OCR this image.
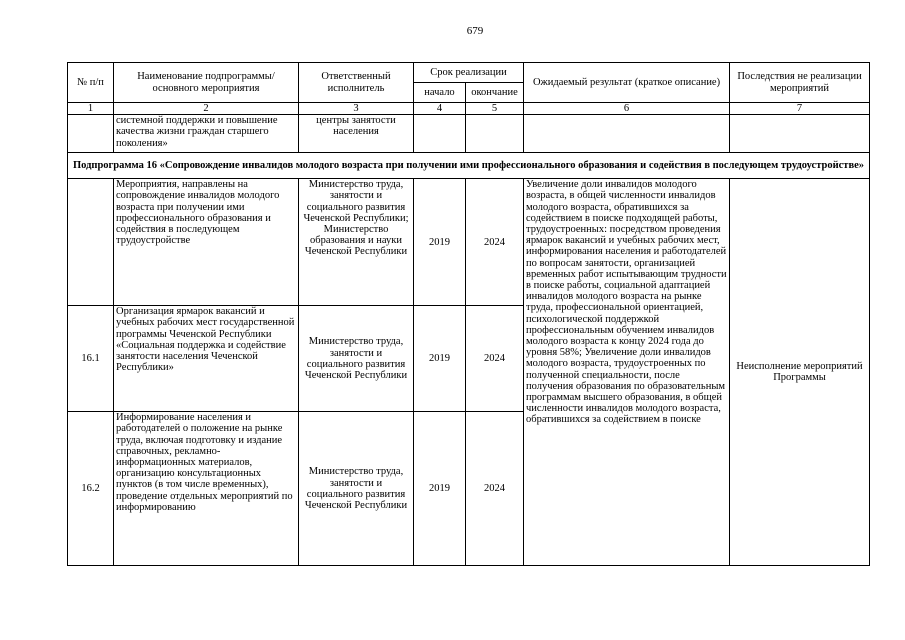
679
№ п/п	Наименование подпрограммы/ основного мероприятия	Ответственный исполнитель	Срок реализации		Ожидаемый результат (краткое описание)	Последствия не реализации мероприятий
			начало	окончание		
1	2	3	4	5	6	7
	системной поддержки и повышение качества жизни граждан старшего поколения»	центры занятости населения				
Подпрограмма 16 «Сопровождение инвалидов молодого возраста при получении ими профессионального образования и содействия в последующем трудоустройстве»						
	Мероприятия, направлены на сопровождение инвалидов молодого возраста при получении ими профессионального образования и содействия в последующем трудоустройстве	Министерство труда, занятости и социального развития Чеченской Республики; Министерство образования и науки Чеченской Республики	2019	2024	Увеличение доли инвалидов молодого возраста, в общей численности инвалидов молодого возраста, обратившихся за содействием в поиске подходящей работы, трудоустроенных: посредством проведения ярмарок вакансий и учебных рабочих мест, информирования населения и работодателей по вопросам занятости, организацией временных работ испытывающим трудности в поиске работы, социальной адаптацией инвалидов молодого возраста на рынке труда, профессиональной ориентацией, психологической поддержкой профессиональным обучением инвалидов молодого возраста к концу 2024 года до уровня 58%; Увеличение доли инвалидов молодого возраста, трудоустроенных по полученной специальности, после получения образования по образовательным программам высшего образования, в общей численности инвалидов молодого возраста, обратившихся за содействием в поиске	Неисполнение мероприятий Программы
16.1	Организация ярмарок вакансий и учебных рабочих мест государственной программы Чеченской Республики «Социальная поддержка и содействие занятости населения Чеченской Республики»	Министерство труда, занятости и социального развития Чеченской Республики	2019	2024		
16.2	Информирование населения и работодателей о положение на рынке труда, включая подготовку и издание справочных, рекламно-информационных материалов, организацию консультационных пунктов (в том числе временных), проведение отдельных мероприятий по информированию	Министерство труда, занятости и социального развития Чеченской Республики	2019	2024		
